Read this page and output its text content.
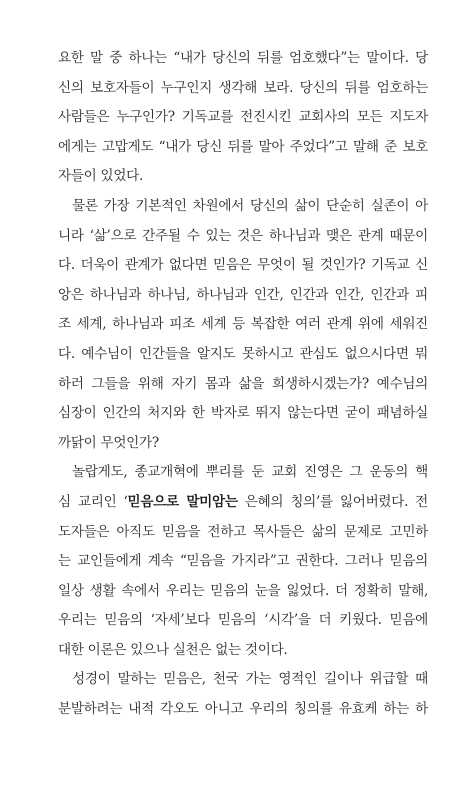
요한 말 중 하나는 “내가 당신의 뒤를 엄호했다”는 말이다. 당
신의 보호자들이 누구인지 생각해 보라. 당신의 뒤를 엄호하는
사람들은 누구인가? 기독교를 전진시킨 교회사의 모든 지도자
에게는 고맙게도 “내가 당신 뒤를 말아 주었다”고 말해 준 보호
자들이 있었다.
물론 가장 기본적인 차원에서 당신의 삶이 단순히 실존이 아
니라 ‘삶’으로 간주될 수 있는 것은 하나님과 맺은 관계 때문이
다. 더욱이 관계가 없다면 믿음은 무엇이 될 것인가? 기독교 신
앙은 하나님과 하나님, 하나님과 인간, 인간과 인간, 인간과 피
조 세계, 하나님과 피조 세계 등 복잡한 여러 관계 위에 세워진
다. 예수님이 인간들을 알지도 못하시고 관심도 없으시다면 뭐
하러 그들을 위해 자기 몸과 삶을 희생하시겠는가? 예수님의
심장이 인간의 처지와 한 박자로 뛰지 않는다면 굳이 패념하실
까닭이 무엇인가?
놀랍게도, 종교개혁에 뿌리를 둔 교회 진영은 그 운동의 핵
심 교리인 ‘믿음으로 말미암는 은혜의 칭의’를 잃어버렸다. 전
도자들은 아직도 믿음을 전하고 목사들은 삶의 문제로 고민하
는 교인들에게 계속 “믿음을 가지라”고 권한다. 그러나 믿음의
일상 생활 속에서 우리는 믿음의 눈을 잃었다. 더 정확히 말해,
우리는 믿음의 ‘자세’보다 믿음의 ‘시각’을 더 키웠다. 믿음에
대한 이론은 있으나 실천은 없는 것이다.
성경이 말하는 믿음은, 천국 가는 영적인 길이나 위급할 때
분발하려는 내적 각오도 아니고 우리의 칭의를 유효케 하는 하
